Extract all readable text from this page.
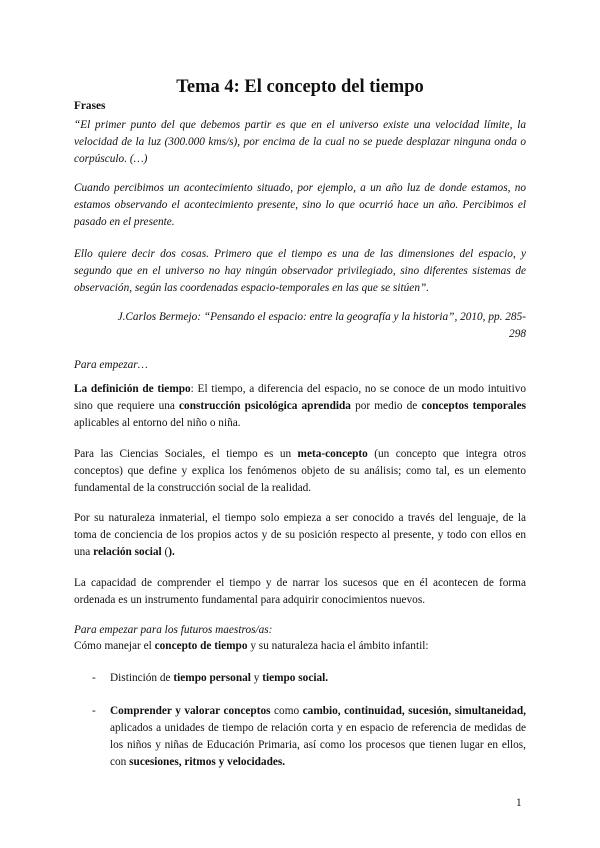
Tema 4: El concepto del tiempo

Frases

“El primer punto del que debemos partir es que en el universo existe una velocidad límite, la velocidad de la luz (300.000 kms/s), por encima de la cual no se puede desplazar ninguna onda o corpúsculo. (…)

Cuando percibimos un acontecimiento situado, por ejemplo, a un año luz de donde estamos, no estamos observando el acontecimiento presente, sino lo que ocurrió hace un año. Percibimos el pasado en el presente.

Ello quiere decir dos cosas. Primero que el tiempo es una de las dimensiones del espacio, y segundo que en el universo no hay ningún observador privilegiado, sino diferentes sistemas de observación, según las coordenadas espacio-temporales en las que se sitúen”.

J.Carlos Bermejo: “Pensando el espacio: entre la geografía y la historia”, 2010, pp. 285-298

Para empezar…

La definición de tiempo: El tiempo, a diferencia del espacio, no se conoce de un modo intuitivo sino que requiere una construcción psicológica aprendida por medio de conceptos temporales aplicables al entorno del niño o niña.

Para las Ciencias Sociales, el tiempo es un meta-concepto (un concepto que integra otros conceptos) que define y explica los fenómenos objeto de su análisis; como tal, es un elemento fundamental de la construcción social de la realidad.

Por su naturaleza inmaterial, el tiempo solo empieza a ser conocido a través del lenguaje, de la toma de conciencia de los propios actos y de su posición respecto al presente, y todo con ellos en una relación social ().

La capacidad de comprender el tiempo y de narrar los sucesos que en él acontecen de forma ordenada es un instrumento fundamental para adquirir conocimientos nuevos.

Para empezar para los futuros maestros/as:

Cómo manejar el concepto de tiempo y su naturaleza hacia el ámbito infantil:

- Distinción de tiempo personal y tiempo social.

- Comprender y valorar conceptos como cambio, continuidad, sucesión, simultaneidad, aplicados a unidades de tiempo de relación corta y en espacio de referencia de medidas de los niños y niñas de Educación Primaria, así como los procesos que tienen lugar en ellos, con sucesiones, ritmos y velocidades.

1
